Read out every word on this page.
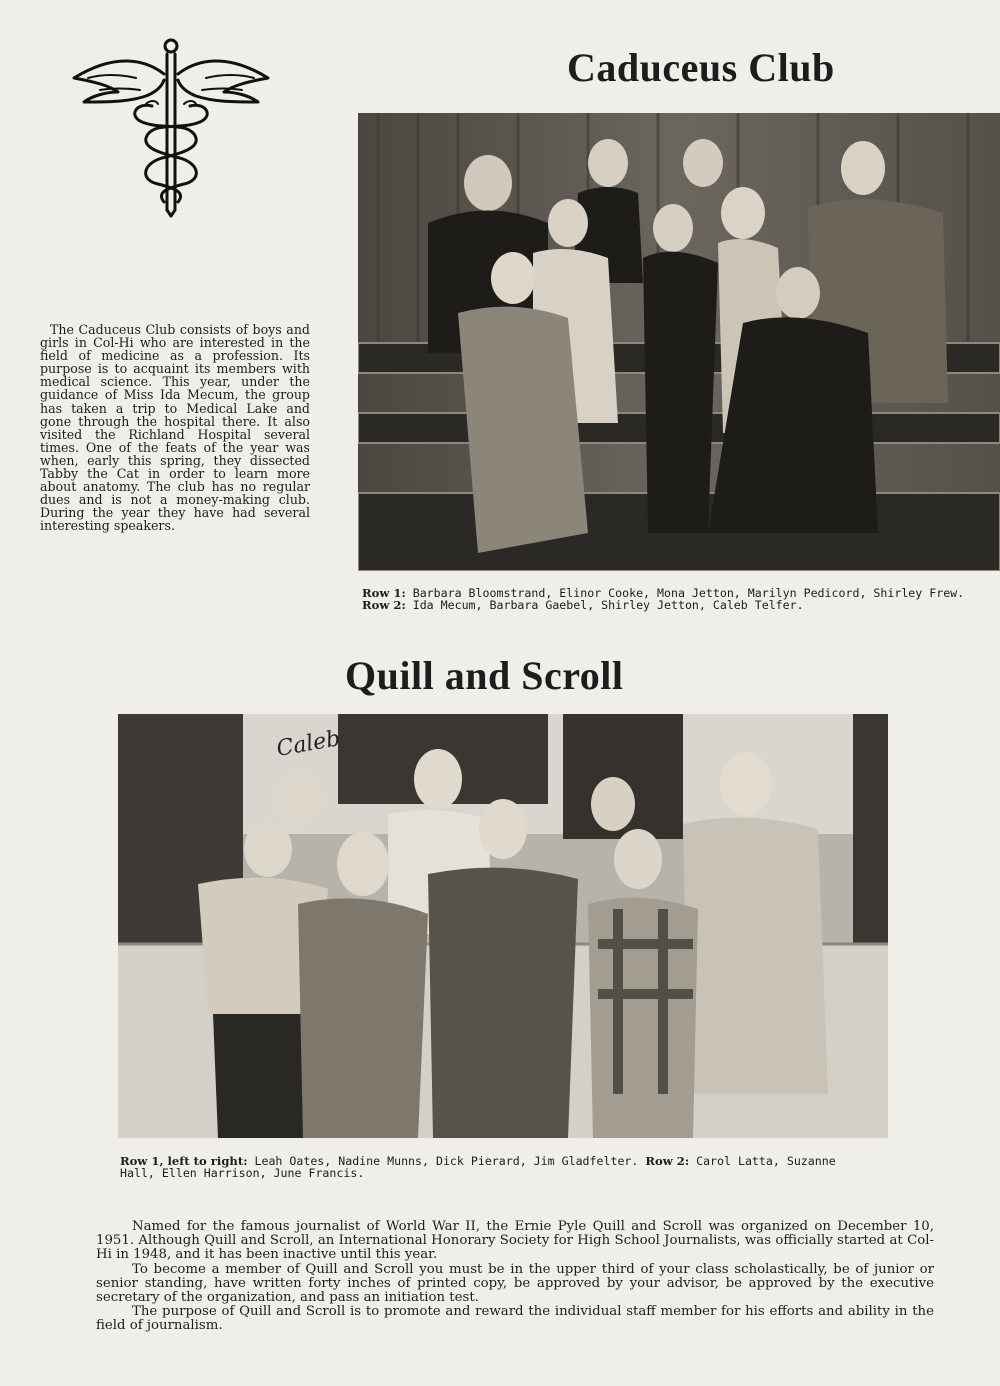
Caduceus Club

The Caduceus Club consists of boys and girls in Col-Hi who are interested in the field of medicine as a profession. Its purpose is to acquaint its members with medical science. This year, under the guidance of Miss Ida Mecum, the group has taken a trip to Medical Lake and gone through the hospital there. It also visited the Richland Hospital several times. One of the feats of the year was when, early this spring, they dissected Tabby the Cat in order to learn more about anatomy. The club has no regular dues and is not a money-making club. During the year they have had several interesting speakers.

Row 1: Barbara Bloomstrand, Elinor Cooke, Mona Jetton, Marilyn Pedicord, Shirley Frew. Row 2: Ida Mecum, Barbara Gaebel, Shirley Jetton, Caleb Telfer.

Quill and Scroll
Caleb

Row 1, left to right: Leah Oates, Nadine Munns, Dick Pierard, Jim Gladfelter. Row 2: Carol Latta, Suzanne Hall, Ellen Harrison, June Francis.

Named for the famous journalist of World War II, the Ernie Pyle Quill and Scroll was organized on December 10, 1951. Although Quill and Scroll, an International Honorary Society for High School Journalists, was officially started at Col-Hi in 1948, and it has been inactive until this year.

To become a member of Quill and Scroll you must be in the upper third of your class scholastically, be of junior or senior standing, have written forty inches of printed copy, be approved by your advisor, be approved by the executive secretary of the organization, and pass an initiation test.

The purpose of Quill and Scroll is to promote and reward the individual staff member for his efforts and ability in the field of journalism.
